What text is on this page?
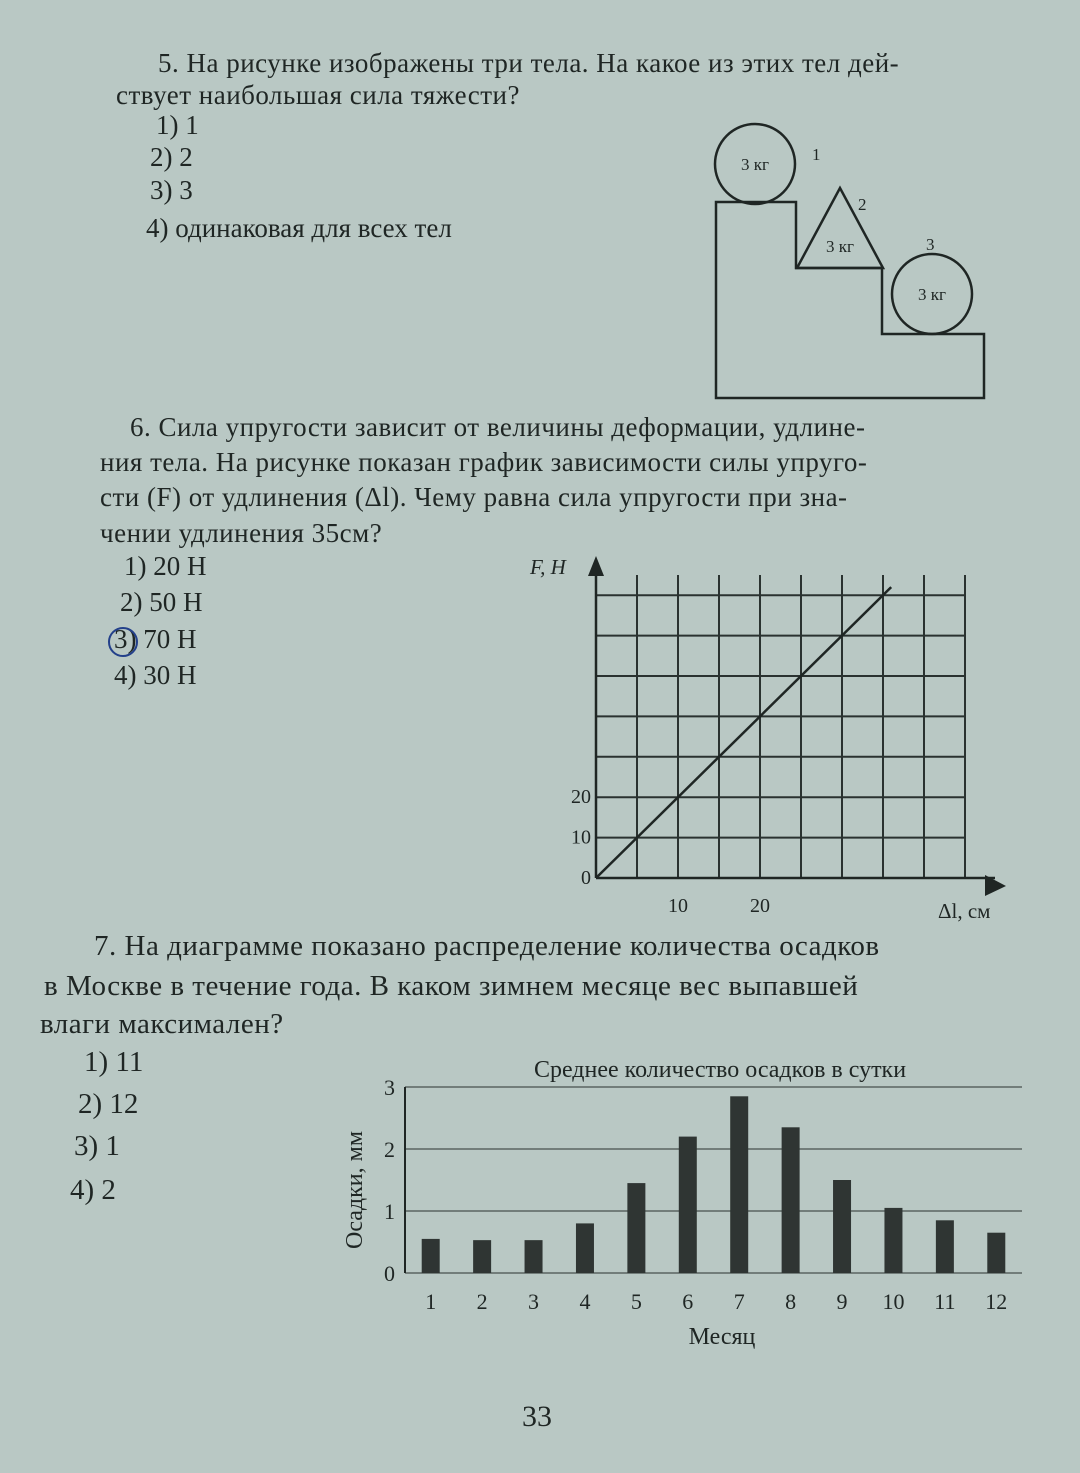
5. На рисунке изображены три тела. На какое из этих тел дей-
ствует наибольшая сила тяжести?
1) 1
2) 2
3) 3
4) одинаковая для всех тел
3 кг
1
3 кг
2
3 кг
3
6. Сила упругости зависит от величины деформации, удлине-
ния тела. На рисунке показан график зависимости силы упруго-
сти (F) от удлинения (Δl). Чему равна сила упругости при зна-
чении удлинения 35см?
1) 20 Н
2) 50 Н
3) 70 Н
4) 30 Н
0
10
20
10	20
F, Н
Δl, см
7. На диаграмме показано распределение количества осадков
в Москве в течение года. В каком зимнем месяце вес выпавшей
влаги максимален?
1) 11
2) 12
3) 1
4) 2
0
1
2
3
1 2 3 4 5 6 7 8 9 10 11 12
Среднее количество осадков в сутки
Месяц
Осадки, мм
33
